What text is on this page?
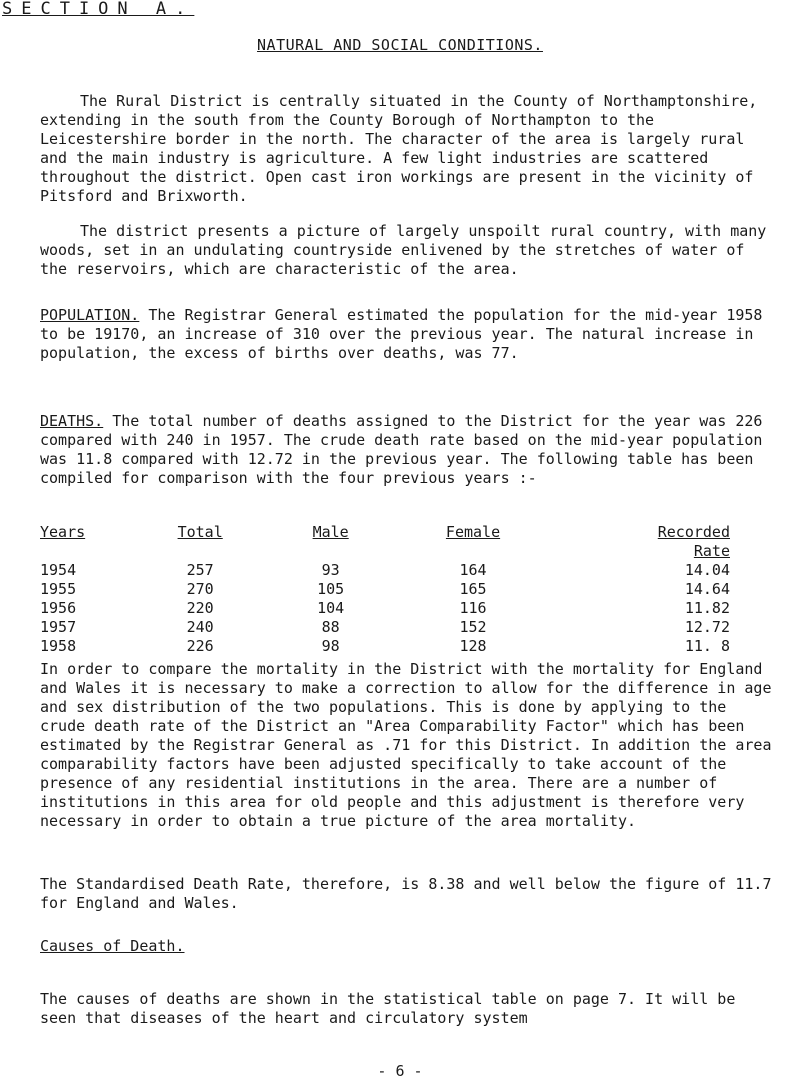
SECTION A.
NATURAL AND SOCIAL CONDITIONS.

The Rural District is centrally situated in the County of Northamptonshire, extending in the south from the County Borough of Northampton to the Leicestershire border in the north. The character of the area is largely rural and the main industry is agriculture. A few light industries are scattered throughout the district. Open cast iron workings are present in the vicinity of Pitsford and Brixworth.

The district presents a picture of largely unspoilt rural country, with many woods, set in an undulating countryside enlivened by the stretches of water of the reservoirs, which are characteristic of the area.

POPULATION. The Registrar General estimated the population for the mid-year 1958 to be 19170, an increase of 310 over the previous year. The natural increase in population, the excess of births over deaths, was 77.

DEATHS. The total number of deaths assigned to the District for the year was 226 compared with 240 in 1957. The crude death rate based on the mid-year population was 11.8 compared with 12.72 in the previous year. The following table has been compiled for comparison with the four previous years :-

Years	Total	Male	Female	Recorded
Rate

1954	257	93	164	14.04
1955	270	105	165	14.64
1956	220	104	116	11.82
1957	240	88	152	12.72
1958	226	98	128	11. 8

In order to compare the mortality in the District with the mortality for England and Wales it is necessary to make a correction to allow for the difference in age and sex distribution of the two populations. This is done by applying to the crude death rate of the District an "Area Comparability Factor" which has been estimated by the Registrar General as .71 for this District. In addition the area comparability factors have been adjusted specifically to take account of the presence of any residential institutions in the area. There are a number of institutions in this area for old people and this adjustment is therefore very necessary in order to obtain a true picture of the area mortality.

The Standardised Death Rate, therefore, is 8.38 and well below the figure of 11.7 for England and Wales.

Causes of Death.

The causes of deaths are shown in the statistical table on page 7. It will be seen that diseases of the heart and circulatory system

- 6 -
